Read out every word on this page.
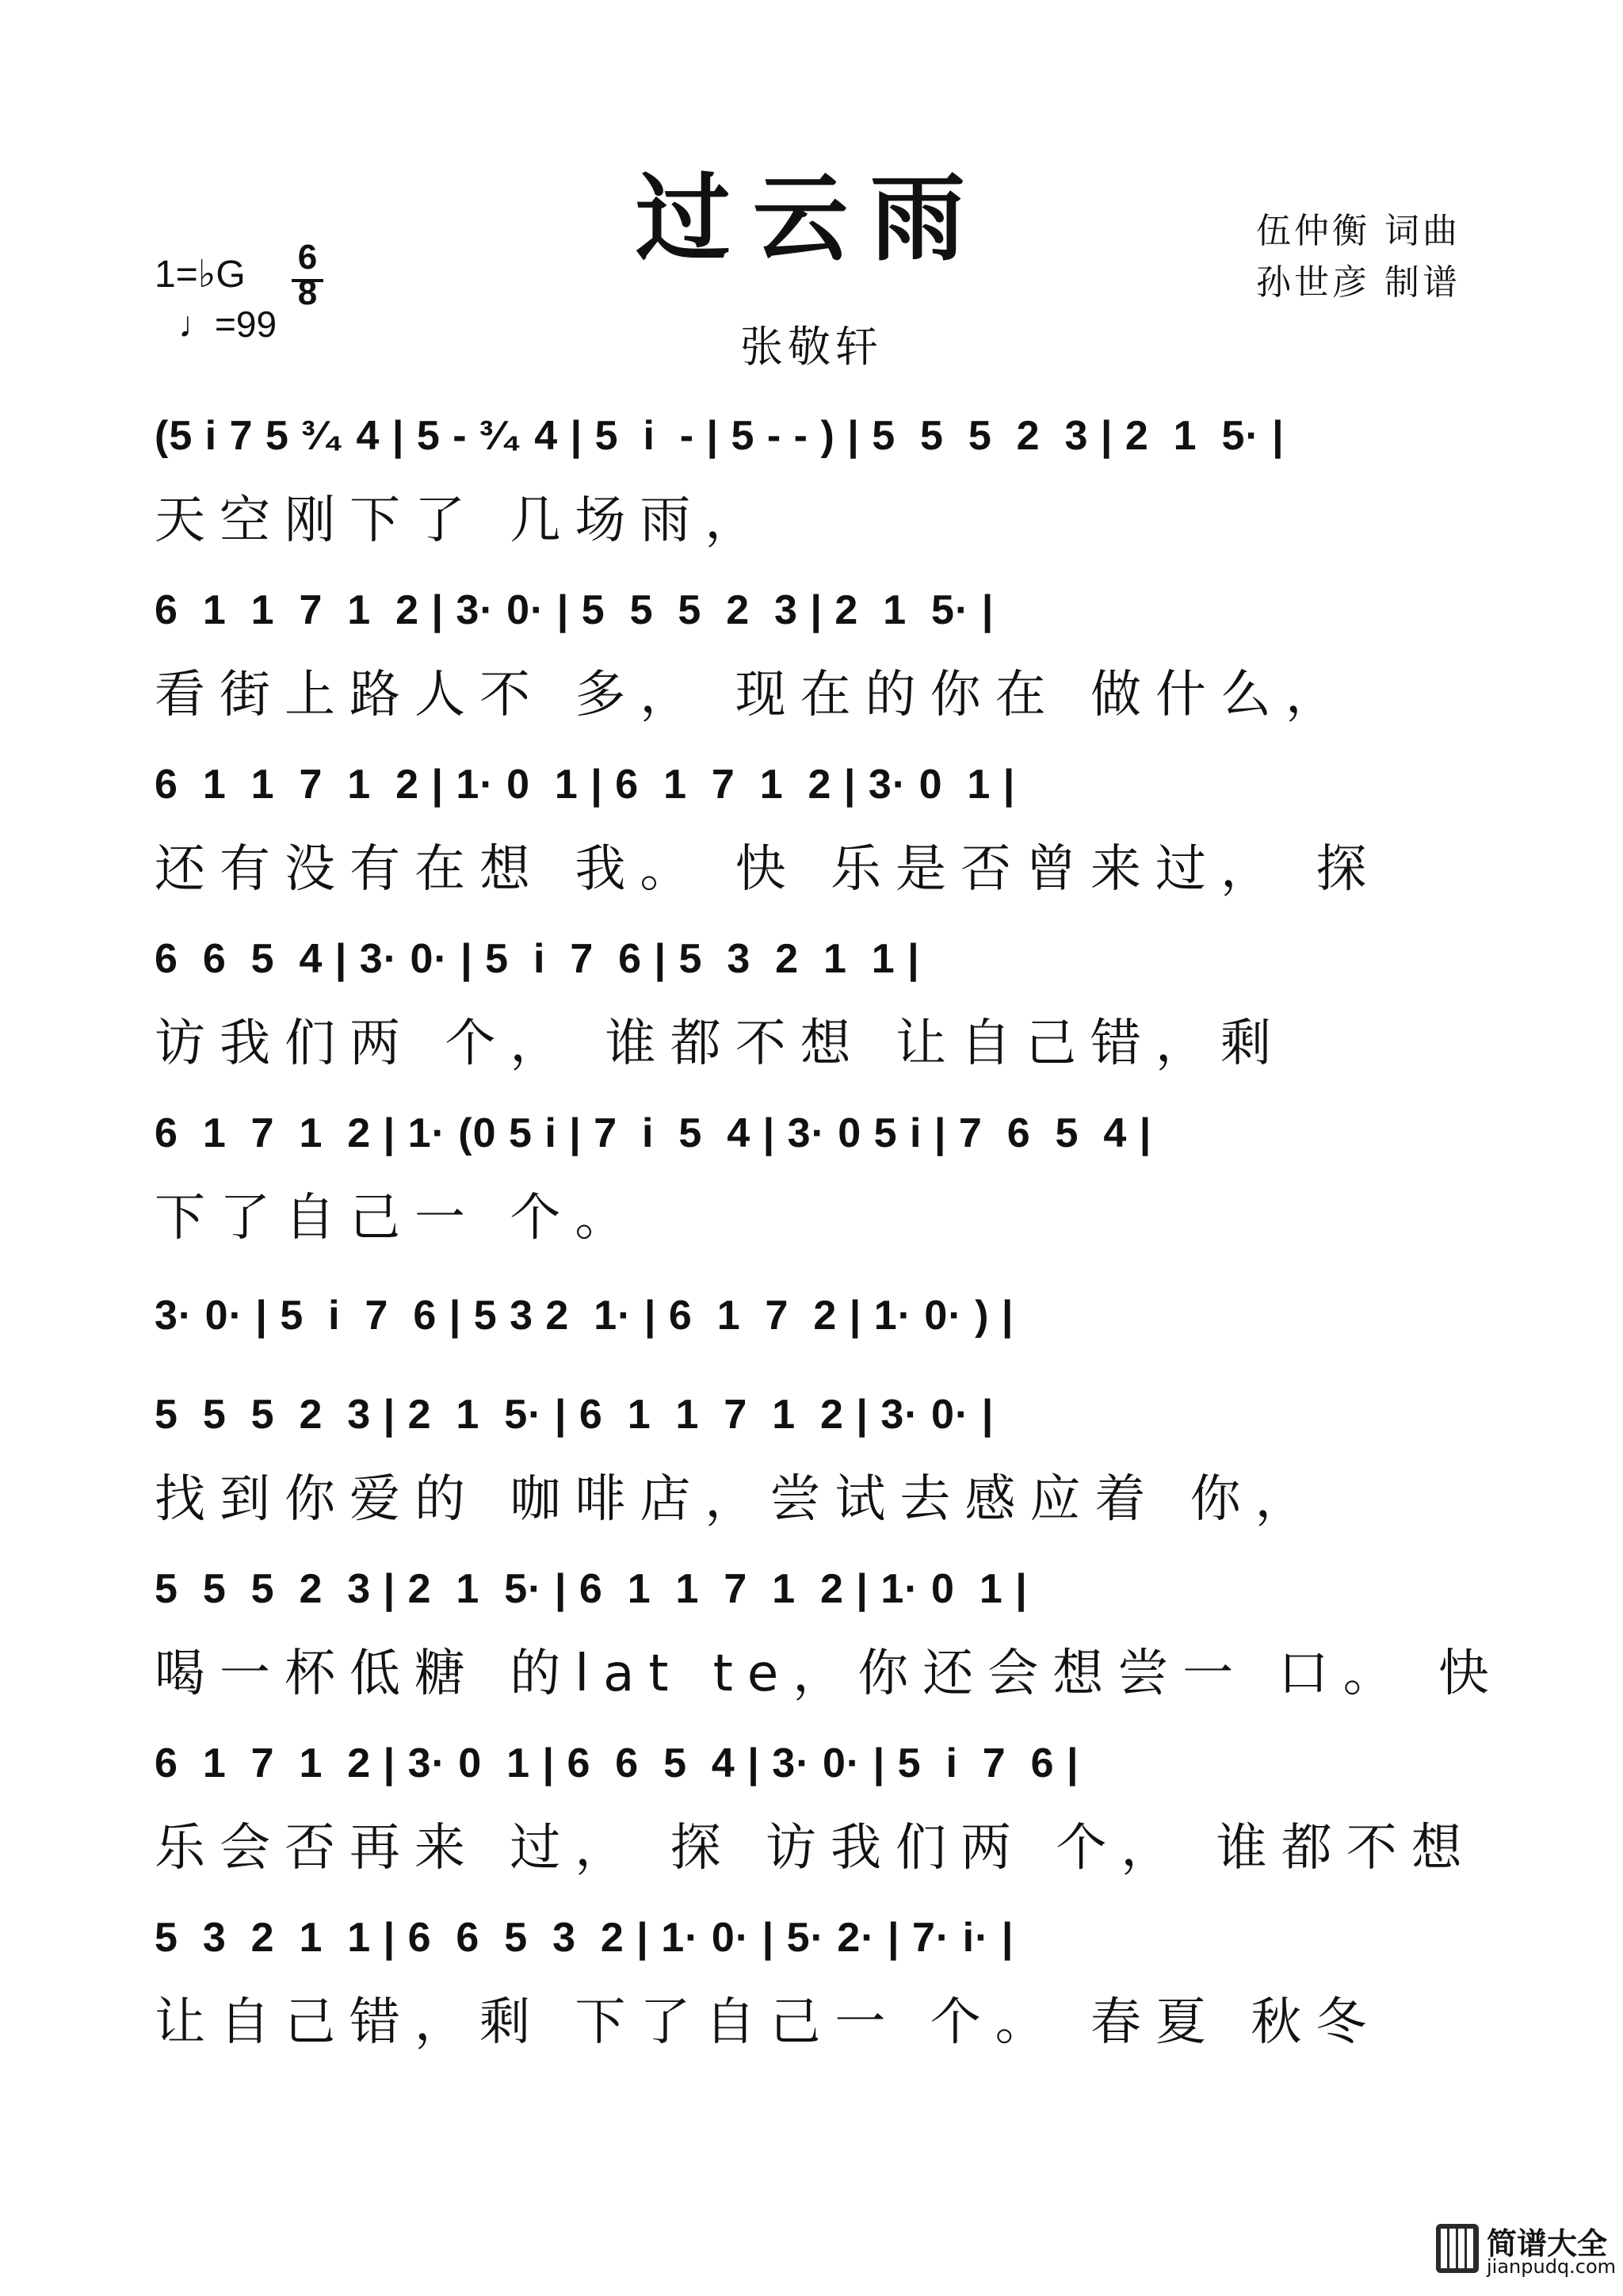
过云雨
张敬轩
伍仲衡 词曲
孙世彦 制谱
1=♭G
♩=99
6
8
(5 i 7 5 ³⁄₄ 4 | 5 - ³⁄₄ 4 | 5  i  - | 5 - - ) | 5  5  5  2  3 | 2  1  5· |
天空刚下了 几场雨，
6  1  1  7  1  2 | 3· 0· | 5  5  5  2  3 | 2  1  5· |
看街上路人不 多， 现在的你在 做什么，
6  1  1  7  1  2 | 1· 0  1 | 6  1  7  1  2 | 3· 0  1 |
还有没有在想 我。 快 乐是否曾来过， 探
6  6  5  4 | 3· 0· | 5  i  7  6 | 5  3  2  1  1 |
访我们两 个， 谁都不想 让自己错，剩
6  1  7  1  2 | 1· (0 5 i | 7  i  5  4 | 3· 0 5 i | 7  6  5  4 |
下了自己一 个。
3· 0· | 5  i  7  6 | 5 3 2  1· | 6  1  7  2 | 1· 0· ) |
5  5  5  2  3 | 2  1  5· | 6  1  1  7  1  2 | 3· 0· |
找到你爱的 咖啡店，尝试去感应着 你，
5  5  5  2  3 | 2  1  5· | 6  1  1  7  1  2 | 1· 0  1 |
喝一杯低糖 的lat te，你还会想尝一 口。 快
6  1  7  1  2 | 3· 0  1 | 6  6  5  4 | 3· 0· | 5  i  7  6 |
乐会否再来 过， 探 访我们两 个， 谁都不想
5  3  2  1  1 | 6  6  5  3  2 | 1· 0· | 5· 2· | 7· i· |
让自己错，剩 下了自己一 个。 春夏 秋冬
简谱大全
jianpudq.com
